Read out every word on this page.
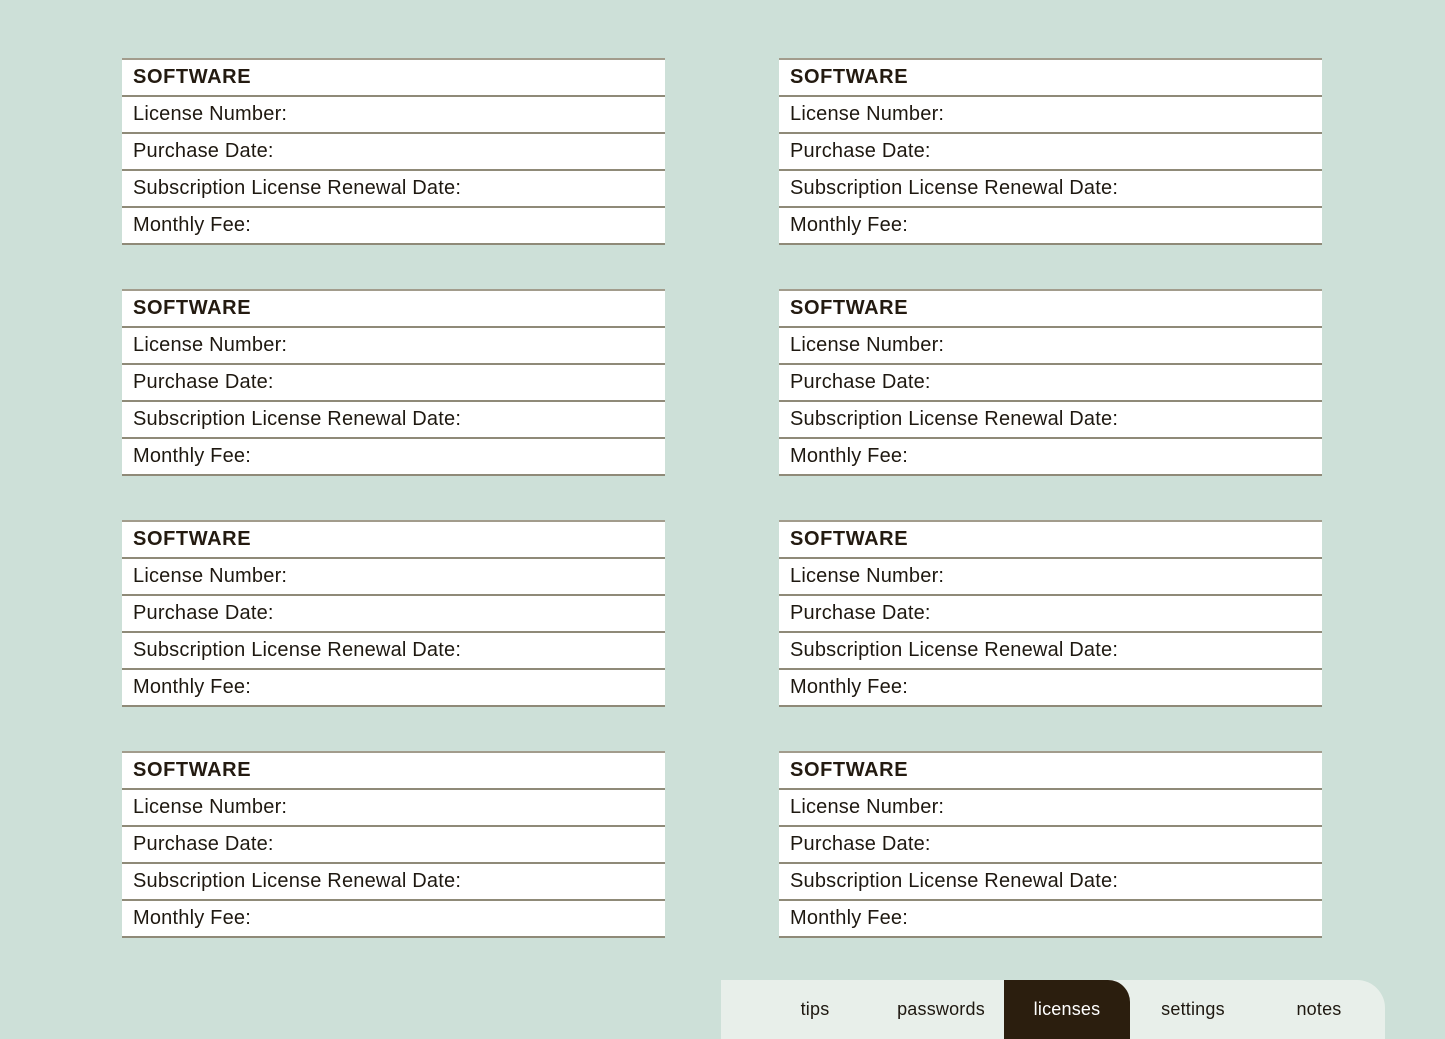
SOFTWARE
License Number:
Purchase Date:
Subscription License Renewal Date:
Monthly Fee:
SOFTWARE
License Number:
Purchase Date:
Subscription License Renewal Date:
Monthly Fee:
SOFTWARE
License Number:
Purchase Date:
Subscription License Renewal Date:
Monthly Fee:
SOFTWARE
License Number:
Purchase Date:
Subscription License Renewal Date:
Monthly Fee:
SOFTWARE
License Number:
Purchase Date:
Subscription License Renewal Date:
Monthly Fee:
SOFTWARE
License Number:
Purchase Date:
Subscription License Renewal Date:
Monthly Fee:
SOFTWARE
License Number:
Purchase Date:
Subscription License Renewal Date:
Monthly Fee:
SOFTWARE
License Number:
Purchase Date:
Subscription License Renewal Date:
Monthly Fee:
tips	passwords	licenses	settings	notes
